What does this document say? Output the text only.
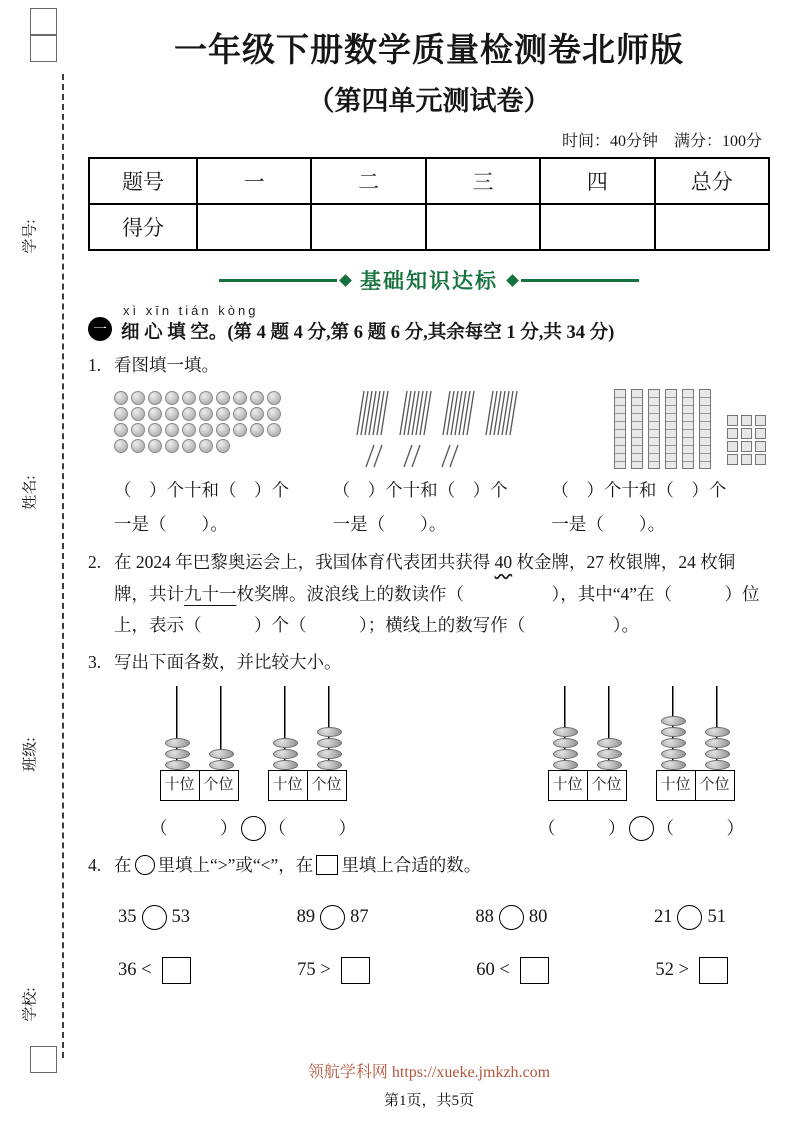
学号:
姓名:
班级:
学校:
一年级下册数学质量检测卷北师版
（第四单元测试卷）
时间：40分钟　满分：100分
题号	一	二	三	四	总分
得分					
基础知识达标
一
xì xīn tián kòng
细 心 填 空。(第 4 题 4 分,第 6 题 6 分,其余每空 1 分,共 34 分)
1. 看图填一填。
（　）个十和（　）个
一是（　　）。
（　）个十和（　）个
一是（　　）。
（　）个十和（　）个
一是（　　）。
2. 在 2024 年巴黎奥运会上，我国体育代表团共获得 40 枚金牌，27 枚银牌，24 枚铜牌，共计九十一枚奖牌。波浪线上的数读作（　　　　　），其中“4”在（　　　）位上，表示（　　　）个（　　　）；横线上的数写作（　　　　　）。
3. 写出下面各数，并比较大小。
十位 个位	十位 个位
（　　　） （　　　）
十位 个位	十位 个位
（　　　） （　　　）
4. 在 里填上“>”或“<”，在 里填上合适的数。
35 53	89 87	88 80	21 51
36 <	75 >	60 <	52 >
领航学科网 https://xueke.jmkzh.com
第1页，共5页
